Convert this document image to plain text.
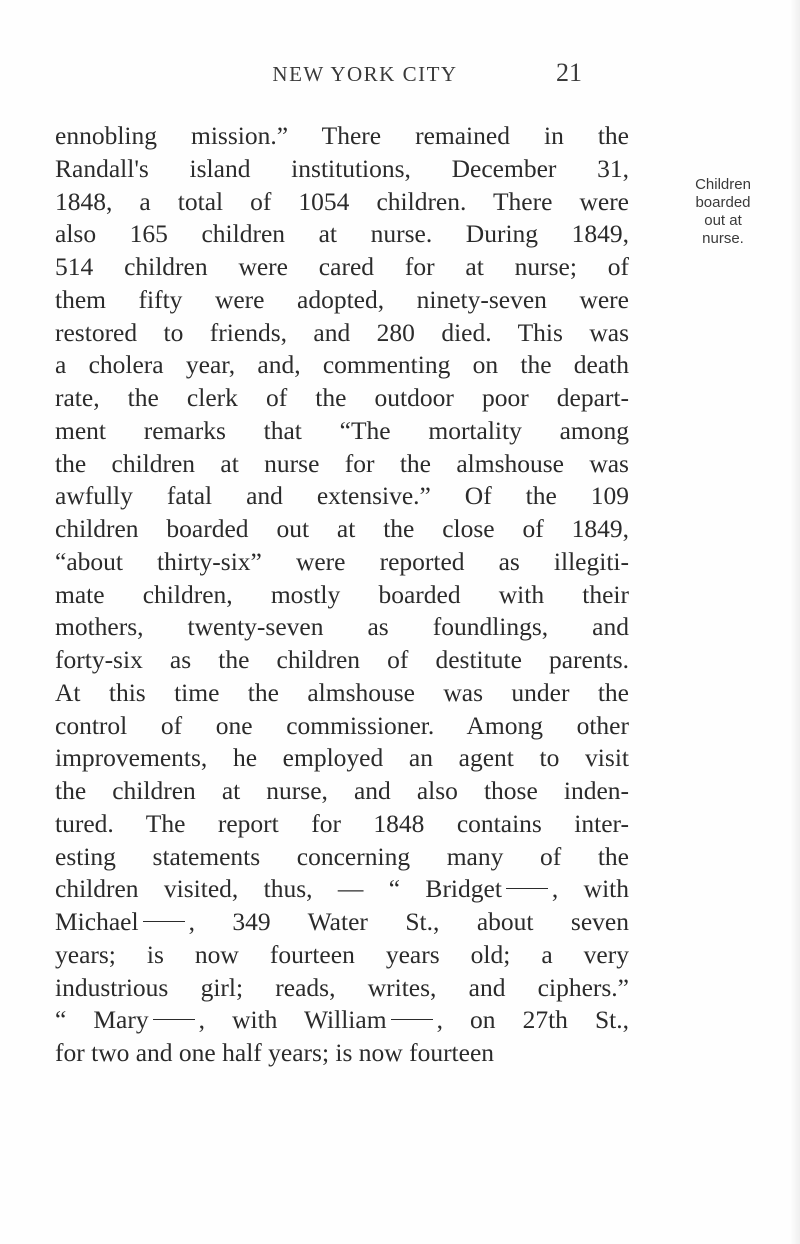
NEW YORK CITY	21
Children
boarded
out at
nurse.
ennobling mission.” There remained in the
Randall's island institutions, December 31,
1848, a total of 1054 children. There were
also 165 children at nurse. During 1849,
514 children were cared for at nurse; of
them fifty were adopted, ninety-seven were
restored to friends, and 280 died. This was
a cholera year, and, commenting on the death
rate, the clerk of the outdoor poor depart-
ment remarks that “The mortality among
the children at nurse for the almshouse was
awfully fatal and extensive.” Of the 109
children boarded out at the close of 1849,
“about thirty-six” were reported as illegiti-
mate children, mostly boarded with their
mothers, twenty-seven as foundlings, and
forty-six as the children of destitute parents.
At this time the almshouse was under the
control of one commissioner. Among other
improvements, he employed an agent to visit
the children at nurse, and also those inden-
tured. The report for 1848 contains inter-
esting statements concerning many of the
children visited, thus, — “ Bridget , with
Michael , 349 Water St., about seven
years; is now fourteen years old; a very
industrious girl; reads, writes, and ciphers.”
“ Mary , with William , on 27th St.,
for two and one half years; is now fourteen
